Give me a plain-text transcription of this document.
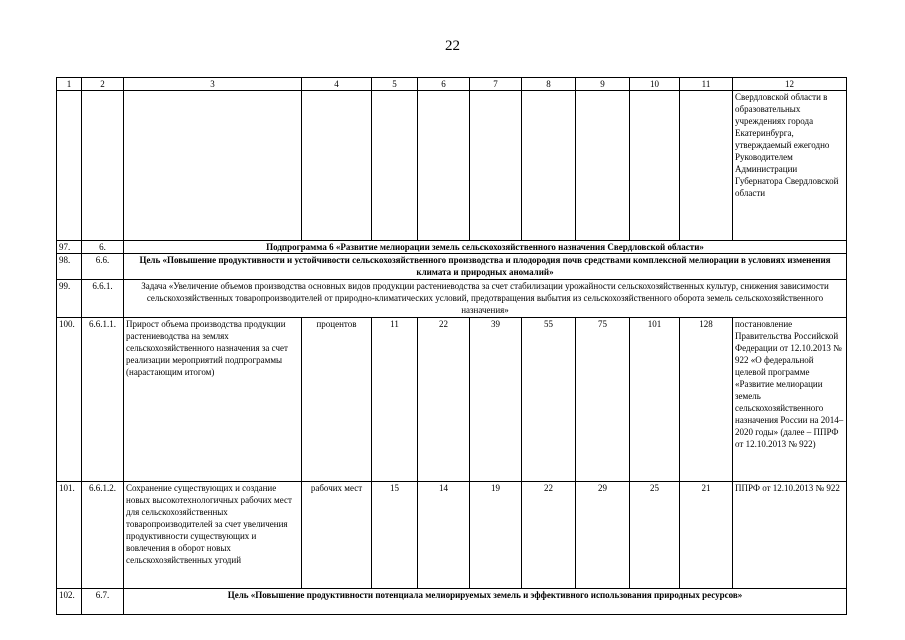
22
1	2	3	4	5	6	7	8	9	10	11	12
											Свердловской области в образовательных учреждениях города Екатеринбурга, утверждаемый ежегодно Руководителем Администрации Губернатора Свердловской области
97.	6.	Подпрограмма 6 «Развитие мелиорации земель сельскохозяйственного назначения Свердловской области»									
98.	6.6.	Цель «Повышение продуктивности и устойчивости сельскохозяйственного производства и плодородия почв средствами комплексной мелиорации в условиях изменения климата и природных аномалий»									
99.	6.6.1.	Задача «Увеличение объемов производства основных видов продукции растениеводства за счет стабилизации урожайности сельскохозяйственных культур, снижения зависимости сельскохозяйственных товаропроизводителей от природно-климатических условий, предотвращения выбытия из сельскохозяйственного оборота земель сельскохозяйственного назначения»									
100.	6.6.1.1.	Прирост объема производства продукции растениеводства на землях сельскохозяйственного назначения за счет реализации мероприятий подпрограммы (нарастающим итогом)	процентов	11	22	39	55	75	101	128	постановление Правительства Российской Федерации от 12.10.2013 № 922 «О федеральной целевой программе «Развитие мелиорации земель сельскохозяйственного назначения России на 2014–2020 годы» (далее – ППРФ от 12.10.2013 № 922)
101.	6.6.1.2.	Сохранение существующих и создание новых высокотехнологичных рабочих мест для сельскохозяйственных товаропроизводителей за счет увеличения продуктивности существующих и вовлечения в оборот новых сельскохозяйственных угодий	рабочих мест	15	14	19	22	29	25	21	ППРФ от 12.10.2013 № 922
102.	6.7.	Цель «Повышение продуктивности потенциала мелиорируемых земель и эффективного использования природных ресурсов»									
